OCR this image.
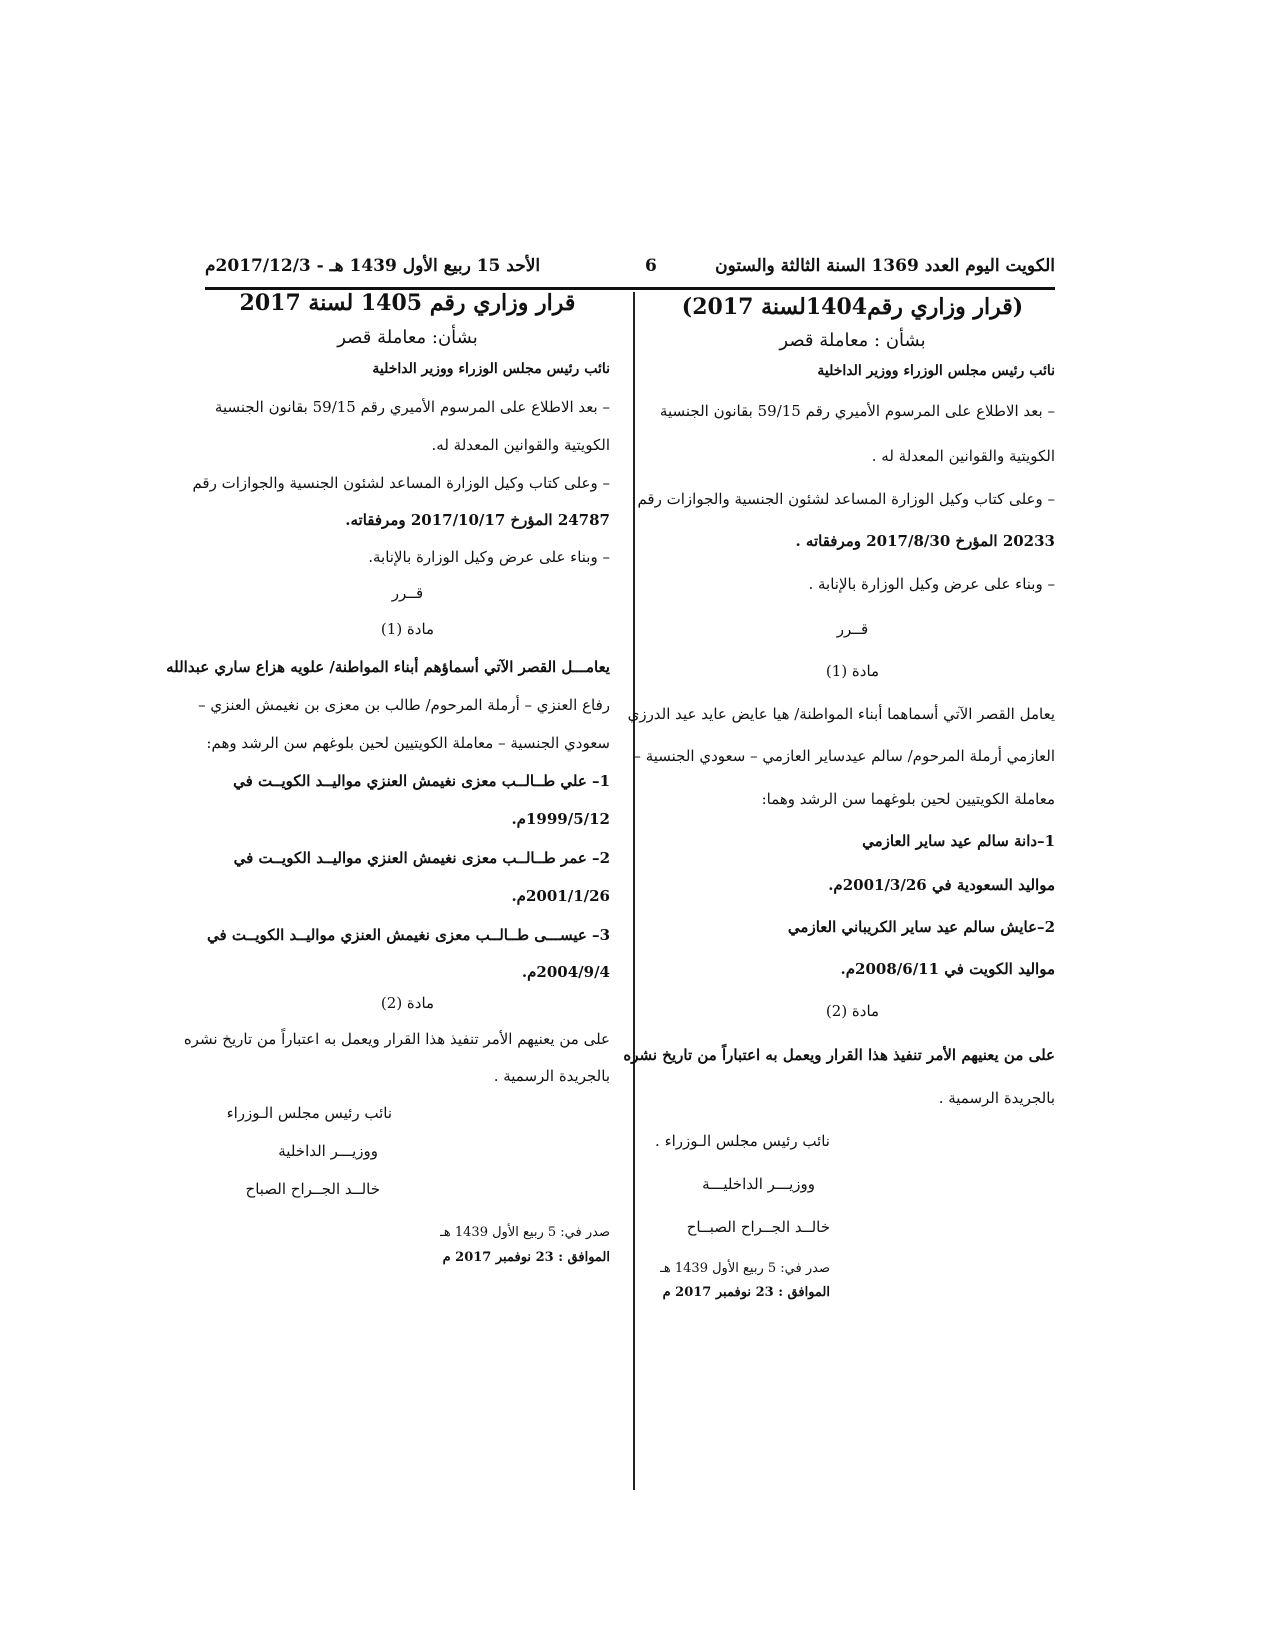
الكويت اليوم العدد 1369 السنة الثالثة والستون
6
الأحد 15 ربيع الأول 1439 هـ - 2017/12/3م
(قرار وزاري رقم1404لسنة 2017)
بشأن : معاملة قصر
نائب رئيس مجلس الوزراء ووزير الداخلية
– بعد الاطلاع على المرسوم الأميري رقم 59/15 بقانون الجنسية
الكويتية والقوانين المعدلة له .
– وعلى كتاب وكيل الوزارة المساعد لشئون الجنسية والجوازات رقم
20233 المؤرخ 2017/8/30 ومرفقاته .
– وبناء على عرض وكيل الوزارة بالإنابة .
قــرر
مادة (1)
يعامل القصر الآتي أسماهما أبناء المواطنة/ هيا عايض عايد عيد الدرزي
العازمي أرملة المرحوم/ سالم عيدساير العازمي – سعودي الجنسية –
معاملة الكويتيين لحين بلوغهما سن الرشد وهما:
1–دانة سالم عيد ساير العازمي
مواليد السعودية في 2001/3/26م.
2–عايش سالم عيد ساير الكريباني العازمي
مواليد الكويت في 2008/6/11م.
مادة (2)
على من يعنيهم الأمر تنفيذ هذا القرار ويعمل به اعتباراً من تاريخ نشره
بالجريدة الرسمية .
نائب رئيس مجلس الـوزراء .
ووزيـــر الداخليـــة
خالــد الجــراح الصبــاح
صدر في: 5 ربيع الأول 1439 هـ
الموافق : 23 نوفمبر 2017 م
قرار وزاري رقم 1405 لسنة 2017
بشأن: معاملة قصر
نائب رئيس مجلس الوزراء ووزير الداخلية
– بعد الاطلاع على المرسوم الأميري رقم 59/15 بقانون الجنسية
الكويتية والقوانين المعدلة له.
– وعلى كتاب وكيل الوزارة المساعد لشئون الجنسية والجوازات رقم
24787 المؤرخ 2017/10/17 ومرفقاته.
– وبناء على عرض وكيل الوزارة بالإنابة.
قــرر
مادة (1)
يعامـــل القصر الآتي أسماؤهم أبناء المواطنة/ علويه هزاع ساري عبدالله
رفاع العنزي – أرملة المرحوم/ طالب بن معزى بن نغيمش العنزي –
سعودي الجنسية – معاملة الكويتيين لحين بلوغهم سن الرشد وهم:
1– علي طــالــب معزى نغيمش العنزي مواليــد الكويــت في
1999/5/12م.
2– عمر طــالــب معزى نغيمش العنزي مواليــد الكويــت في
2001/1/26م.
3– عيســـى طــالــب معزى نغيمش العنزي مواليــد الكويــت في
2004/9/4م.
مادة (2)
على من يعنيهم الأمر تنفيذ هذا القرار ويعمل به اعتباراً من تاريخ نشره
بالجريدة الرسمية .
نائب رئيس مجلس الـوزراء
ووزيـــر الداخلية
خالــد الجــراح الصباح
صدر في: 5 ربيع الأول 1439 هـ
الموافق : 23 نوفمبر 2017 م
